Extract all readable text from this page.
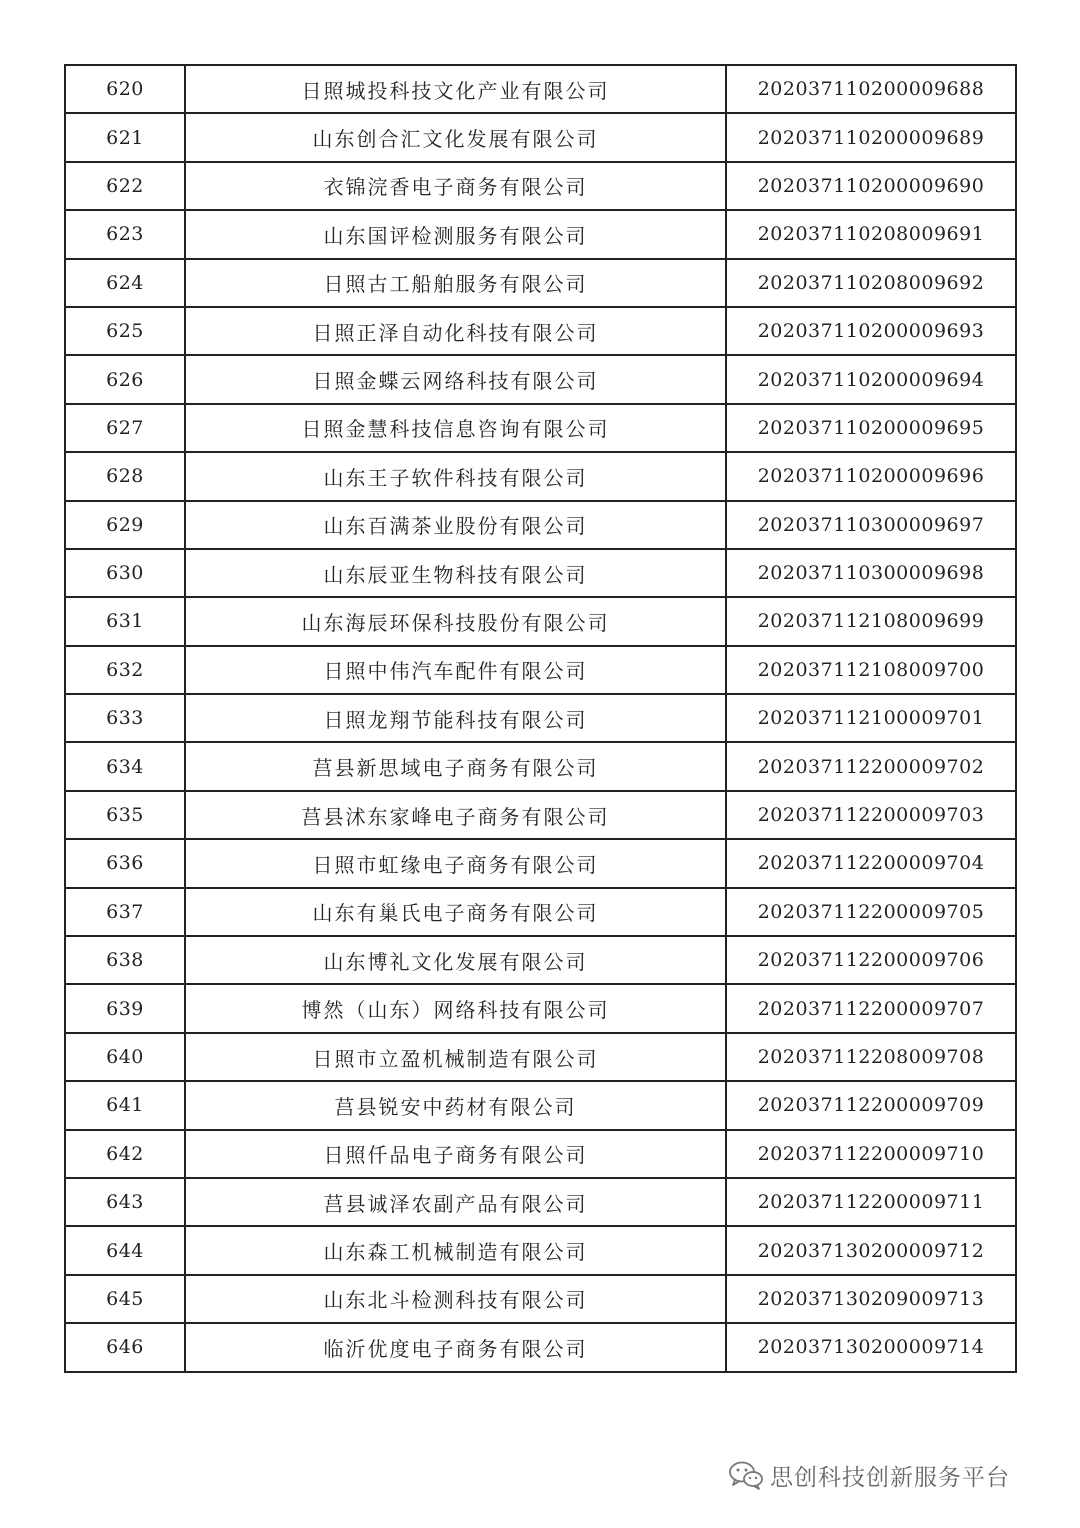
620	日照城投科技文化产业有限公司	202037110200009688
621	山东创合汇文化发展有限公司	202037110200009689
622	衣锦浣香电子商务有限公司	202037110200009690
623	山东国评检测服务有限公司	202037110208009691
624	日照古工船舶服务有限公司	202037110208009692
625	日照正泽自动化科技有限公司	202037110200009693
626	日照金蝶云网络科技有限公司	202037110200009694
627	日照金慧科技信息咨询有限公司	202037110200009695
628	山东王子软件科技有限公司	202037110200009696
629	山东百满茶业股份有限公司	202037110300009697
630	山东辰亚生物科技有限公司	202037110300009698
631	山东海辰环保科技股份有限公司	202037112108009699
632	日照中伟汽车配件有限公司	202037112108009700
633	日照龙翔节能科技有限公司	202037112100009701
634	莒县新思域电子商务有限公司	202037112200009702
635	莒县沭东家峰电子商务有限公司	202037112200009703
636	日照市虹缘电子商务有限公司	202037112200009704
637	山东有巢氏电子商务有限公司	202037112200009705
638	山东博礼文化发展有限公司	202037112200009706
639	博然（山东）网络科技有限公司	202037112200009707
640	日照市立盈机械制造有限公司	202037112208009708
641	莒县锐安中药材有限公司	202037112200009709
642	日照仟品电子商务有限公司	202037112200009710
643	莒县诚泽农副产品有限公司	202037112200009711
644	山东森工机械制造有限公司	202037130200009712
645	山东北斗检测科技有限公司	202037130209009713
646	临沂优度电子商务有限公司	202037130200009714
思创科技创新服务平台
